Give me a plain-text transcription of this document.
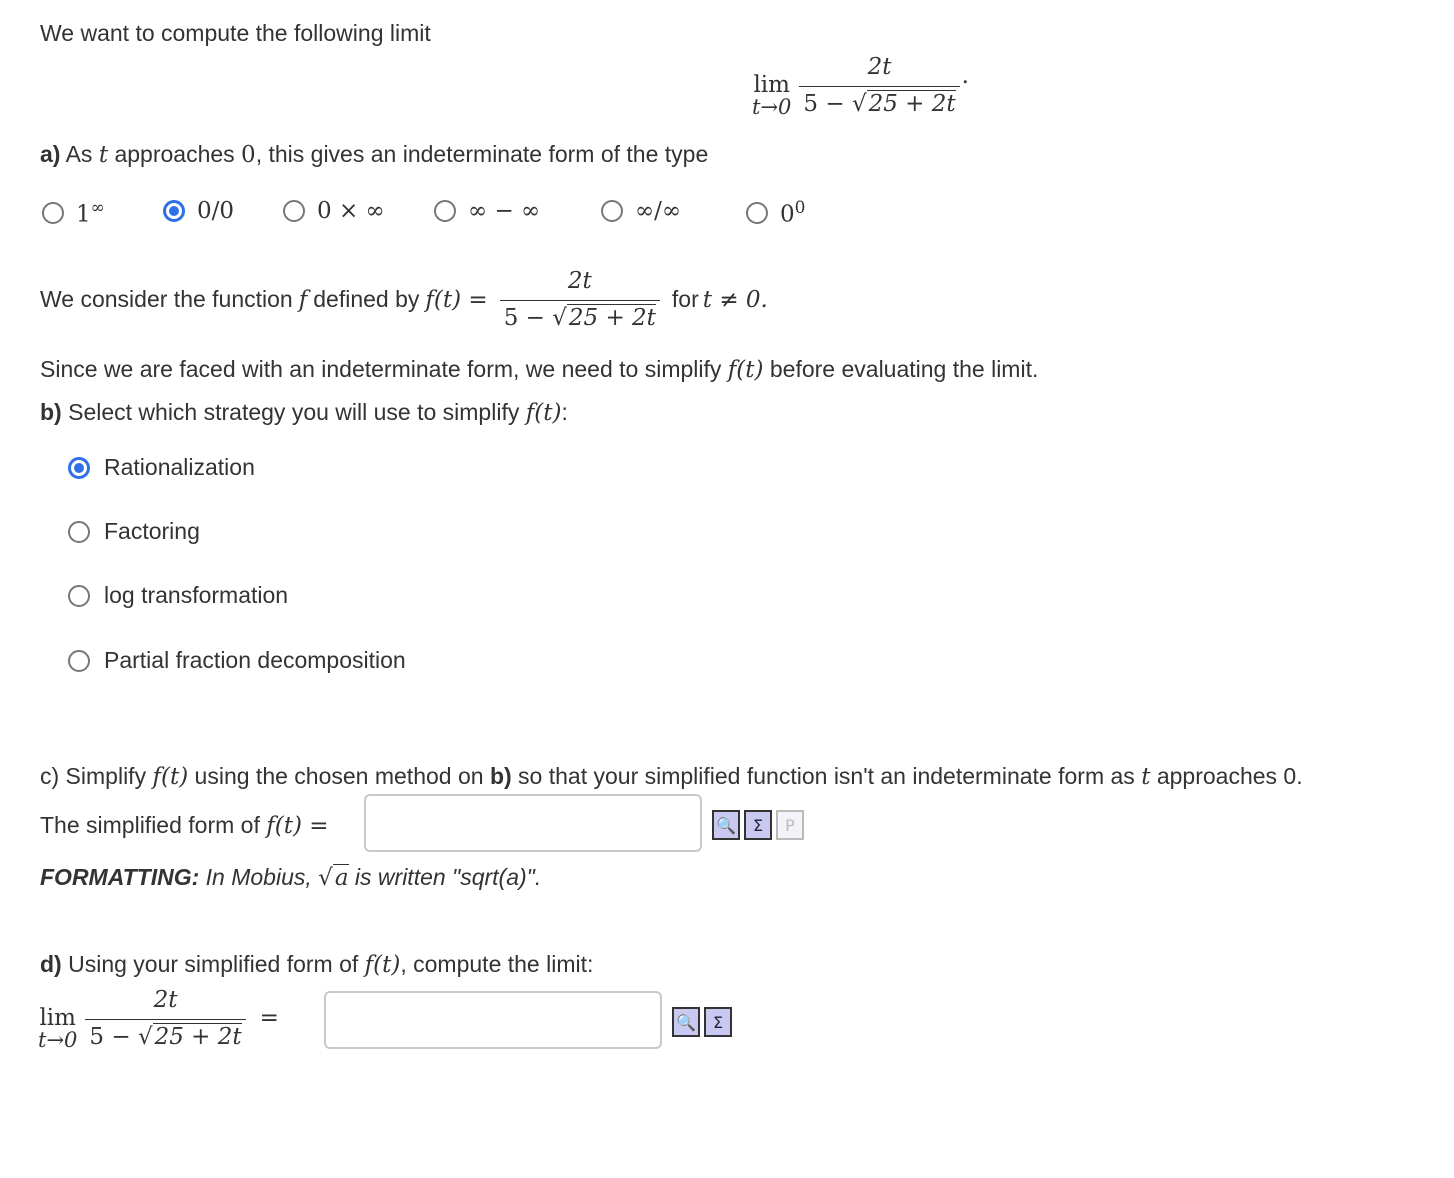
We want to compute the following limit
lim
$t\to 0 \frac{2t}{5 - √25 + 2t}$ .
a) As t approaches 0, this gives an indeterminate form of the type
1∞	0/0	0 × ∞	∞ − ∞	∞/∞	$0^0$
We consider the function f defined by $f(t) = \frac{2t}{5 - √25 + 2t}$ for t ≠ 0.
Since we are faced with an indeterminate form, we need to simplify f(t) before evaluating the limit.
b) Select which strategy you will use to simplify f(t):
Rationalization
Factoring
log transformation
Partial fraction decomposition
c) Simplify f(t) using the chosen method on b) so that your simplified function isn't an indeterminate form as t approaches 0.
The simplified form of f(t) =	🔍	Σ	P
FORMATTING: In Mobius, √a is written "sqrt(a)".
d) Using your simplified form of f(t), compute the limit:
lim
$t\to 0 \frac{2t}{5 - √25 + 2t}$ =	🔍	Σ
